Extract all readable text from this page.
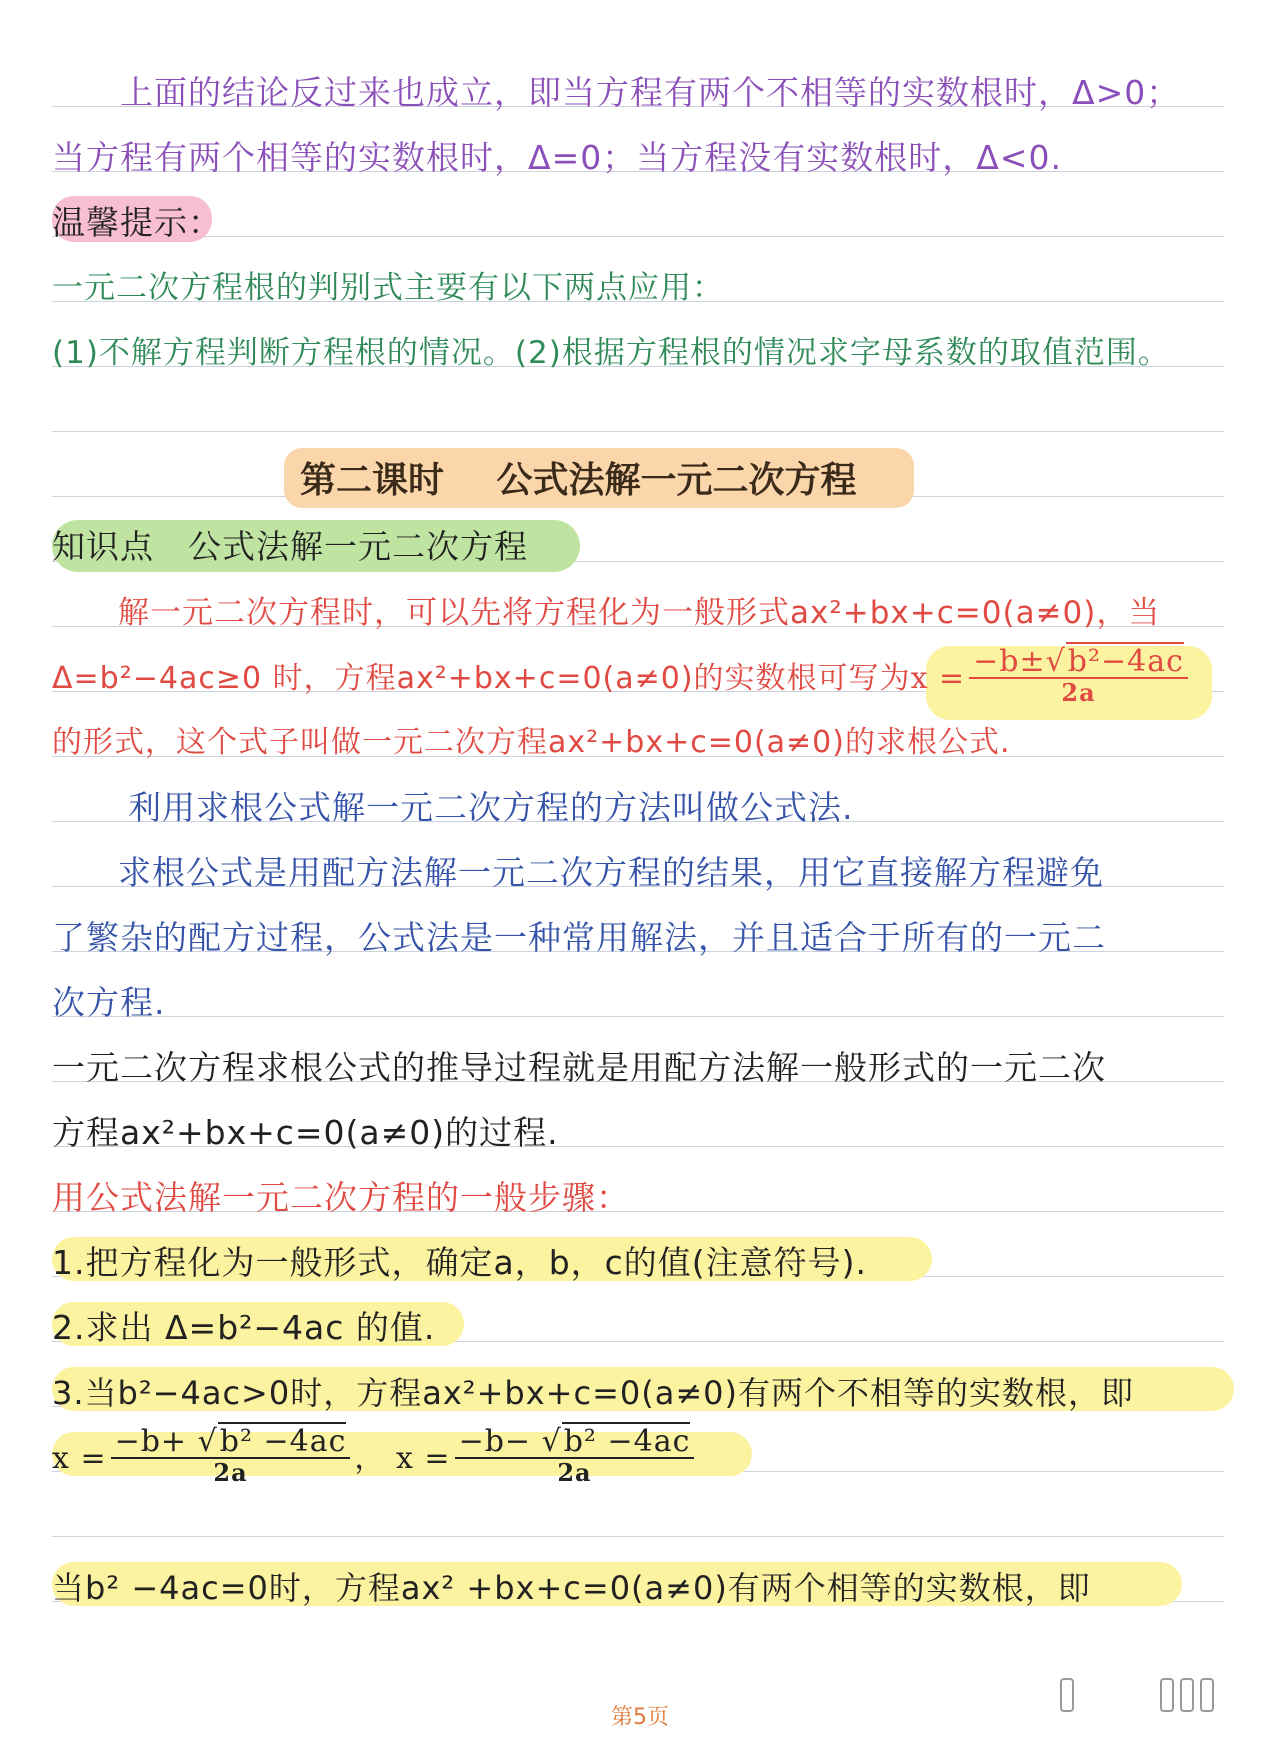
上面的结论反过来也成立，即当方程有两个不相等的实数根时，Δ>0；
当方程有两个相等的实数根时，Δ=0；当方程没有实数根时，Δ<0.
温馨提示：
一元二次方程根的判别式主要有以下两点应用：
(1)不解方程判断方程根的情况。(2)根据方程根的情况求字母系数的取值范围。
第二课时 公式法解一元二次方程
知识点　公式法解一元二次方程
解一元二次方程时，可以先将方程化为一般形式ax²+bx+c=0(a≠0)，当
Δ=b²−4ac≥0 时，方程ax²+bx+c=0(a≠0)的实数根可写为$x = \frac{\text{−b±√b²−4ac}}{2a}$
的形式，这个式子叫做一元二次方程ax²+bx+c=0(a≠0)的求根公式.
利用求根公式解一元二次方程的方法叫做公式法.
求根公式是用配方法解一元二次方程的结果，用它直接解方程避免
了繁杂的配方过程，公式法是一种常用解法，并且适合于所有的一元二
次方程.
一元二次方程求根公式的推导过程就是用配方法解一般形式的一元二次
方程ax²+bx+c=0(a≠0)的过程.
用公式法解一元二次方程的一般步骤：
1.把方程化为一般形式，确定a，b，c的值(注意符号).
2.求出 Δ=b²−4ac 的值.
3.当b²−4ac>0时，方程ax²+bx+c=0(a≠0)有两个不相等的实数根，即
$x = \frac{\text{−b+ √b² −4ac}}{2a}$ ， $x = \frac{\text{−b− √b² −4ac}}{2a}$
当b² −4ac=0时，方程ax² +bx+c=0(a≠0)有两个相等的实数根，即
第5页
